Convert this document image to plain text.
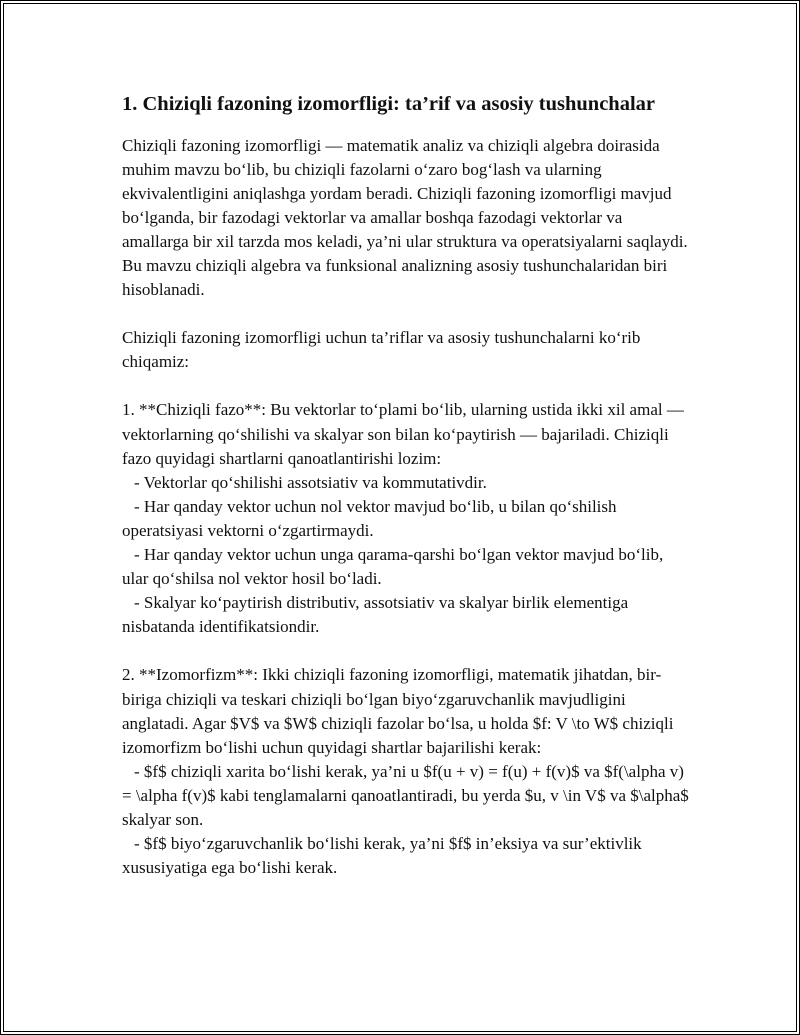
1. Chiziqli fazoning izomorfligi: ta’rif va asosiy tushunchalar

Chiziqli fazoning izomorfligi — matematik analiz va chiziqli algebra doirasida muhim mavzu bo‘lib, bu chiziqli fazolarni o‘zaro bog‘lash va ularning ekvivalentligini aniqlashga yordam beradi. Chiziqli fazoning izomorfligi mavjud bo‘lganda, bir fazodagi vektorlar va amallar boshqa fazodagi vektorlar va amallarga bir xil tarzda mos keladi, ya’ni ular struktura va operatsiyalarni saqlaydi. Bu mavzu chiziqli algebra va funksional analizning asosiy tushunchalaridan biri hisoblanadi.

Chiziqli fazoning izomorfligi uchun ta’riflar va asosiy tushunchalarni ko‘rib chiqamiz:

1. **Chiziqli fazo**: Bu vektorlar to‘plami bo‘lib, ularning ustida ikki xil amal — vektorlarning qo‘shilishi va skalyar son bilan ko‘paytirish — bajariladi. Chiziqli fazo quyidagi shartlarni qanoatlantirishi lozim:

- Vektorlar qo‘shilishi assotsiativ va kommutativdir.

- Har qanday vektor uchun nol vektor mavjud bo‘lib, u bilan qo‘shilish operatsiyasi vektorni o‘zgartirmaydi.

- Har qanday vektor uchun unga qarama-qarshi bo‘lgan vektor mavjud bo‘lib, ular qo‘shilsa nol vektor hosil bo‘ladi.

- Skalyar ko‘paytirish distributiv, assotsiativ va skalyar birlik elementiga nisbatanda identifikatsiondir.

2. **Izomorfizm**: Ikki chiziqli fazoning izomorfligi, matematik jihatdan, bir-biriga chiziqli va teskari chiziqli bo‘lgan biyo‘zgaruvchanlik mavjudligini anglatadi. Agar $V$ va $W$ chiziqli fazolar bo‘lsa, u holda $f: V \to W$ chiziqli izomorfizm bo‘lishi uchun quyidagi shartlar bajarilishi kerak:

- $f$ chiziqli xarita bo‘lishi kerak, ya’ni u $f(u + v) = f(u) + f(v)$ va $f(\alpha v) = \alpha f(v)$ kabi tenglamalarni qanoatlantiradi, bu yerda $u, v \in V$ va $\alpha$ skalyar son.

- $f$ biyo‘zgaruvchanlik bo‘lishi kerak, ya’ni $f$ in’eksiya va sur’ektivlik xususiyatiga ega bo‘lishi kerak.
